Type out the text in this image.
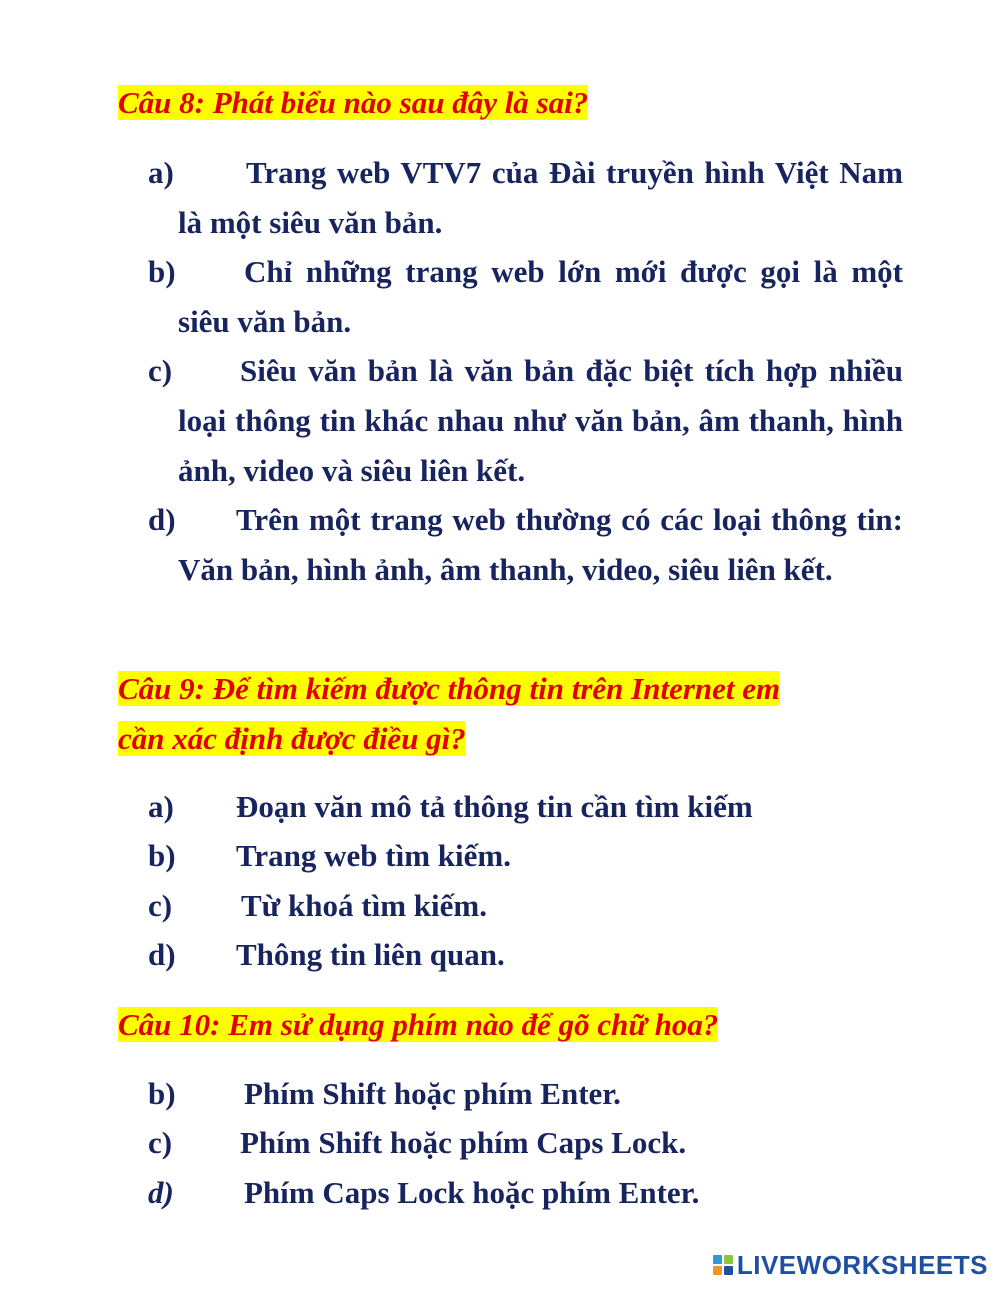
Câu 8: Phát biểu nào sau đây là sai?
a)	Trang web VTV7 của Đài truyền hình Việt Nam là một siêu văn bản.
b)	Chỉ những trang web lớn mới được gọi là một siêu văn bản.
c)	Siêu văn bản là văn bản đặc biệt tích hợp nhiều loại thông tin khác nhau như văn bản, âm thanh, hình ảnh, video và siêu liên kết.
d)	Trên một trang web thường có các loại thông tin: Văn bản, hình ảnh, âm thanh, video, siêu liên kết.
Câu 9: Để tìm kiếm được thông tin trên Internet em
cần xác định được điều gì?
a) Đoạn văn mô tả thông tin cần tìm kiếm
b) Trang web tìm kiếm.
c) Từ khoá tìm kiếm.
d) Thông tin liên quan.
Câu 10: Em sử dụng phím nào để gõ chữ hoa?
b) Phím Shift hoặc phím Enter.
c) Phím Shift hoặc phím Caps Lock.
d) Phím Caps Lock hoặc phím Enter.
LIVEWORKSHEETS
